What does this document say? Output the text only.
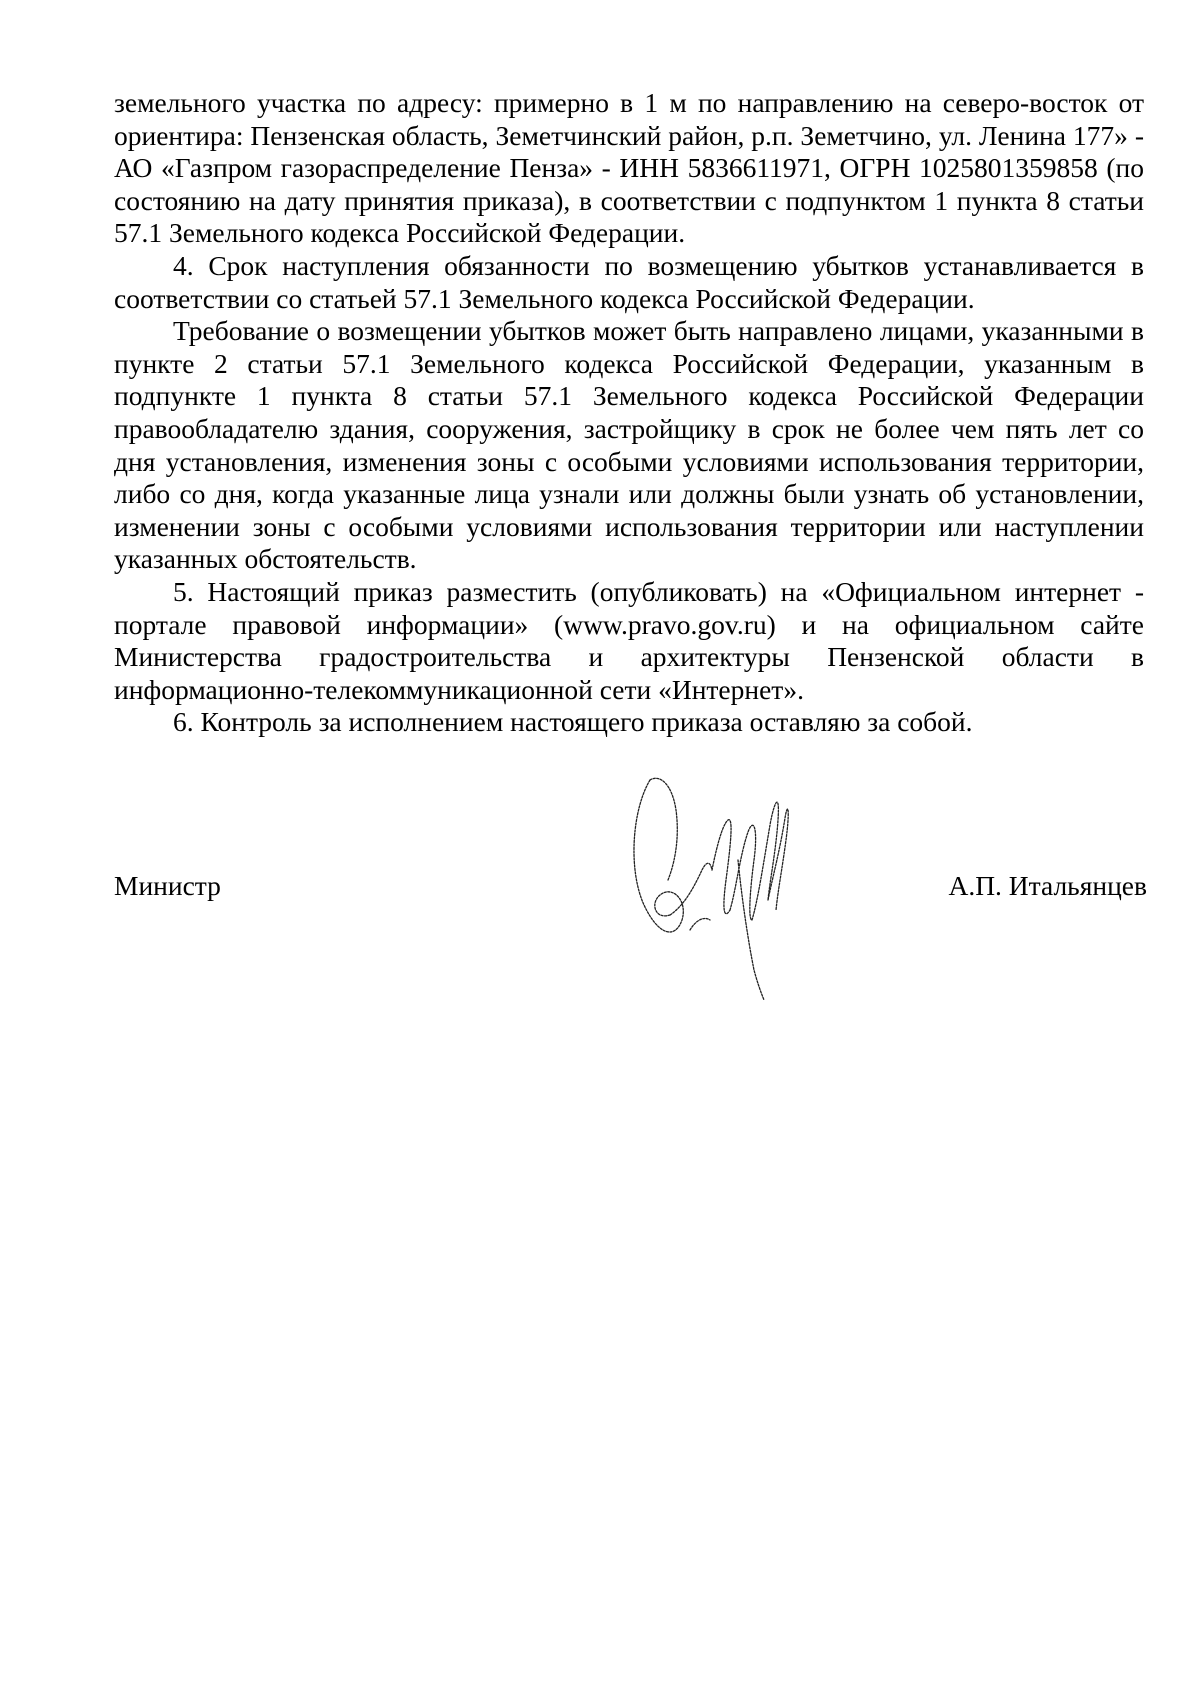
земельного участка по адресу: примерно в 1 м по направлению на северо-восток от ориентира: Пензенская область, Земетчинский район, р.п. Земетчино, ул. Ленина 177» - АО «Газпром газораспределение Пенза» - ИНН 5836611971, ОГРН 1025801359858 (по состоянию на дату принятия приказа), в соответствии с подпунктом 1 пункта 8 статьи 57.1 Земельного кодекса Российской Федерации.

4. Срок наступления обязанности по возмещению убытков устанавливается в соответствии со статьей 57.1 Земельного кодекса Российской Федерации.

Требование о возмещении убытков может быть направлено лицами, указанными в пункте 2 статьи 57.1 Земельного кодекса Российской Федерации, указанным в подпункте 1 пункта 8 статьи 57.1 Земельного кодекса Российской Федерации правообладателю здания, сооружения, застройщику в срок не более чем пять лет со дня установления, изменения зоны с особыми условиями использования территории, либо со дня, когда указанные лица узнали или должны были узнать об установлении, изменении зоны с особыми условиями использования территории или наступлении указанных обстоятельств.

5. Настоящий приказ разместить (опубликовать) на «Официальном интернет - портале правовой информации» (www.pravo.gov.ru) и на официальном сайте Министерства градостроительства и архитектуры Пензенской области в информационно-телекоммуникационной сети «Интернет».

6. Контроль за исполнением настоящего приказа оставляю за собой.

Министр	А.П. Итальянцев
